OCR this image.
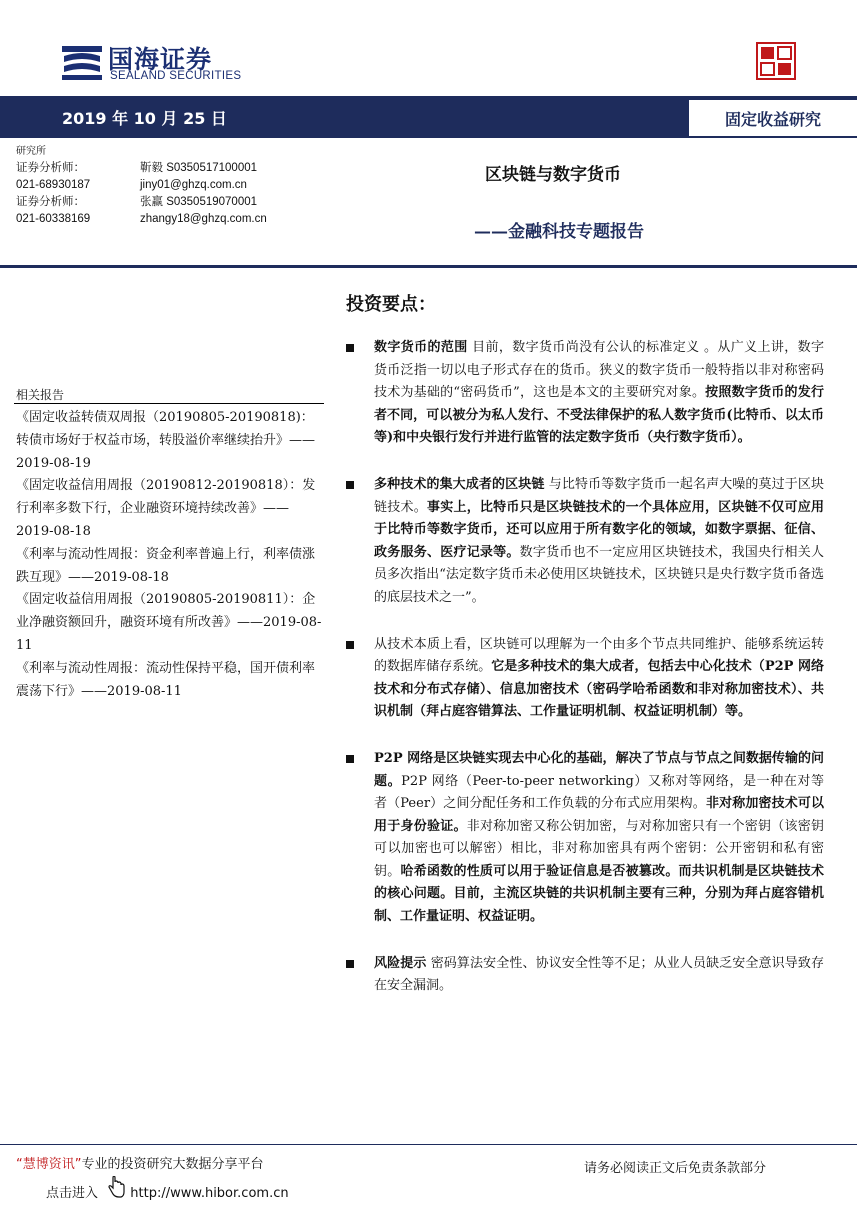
国海证券
SEALAND SECURITIES
2019 年 10 月 25 日	固定收益研究
研究所
证券分析师：	靳毅 S0350517100001
021-68930187	jiny01@ghzq.com.cn
证券分析师：	张赢 S0350519070001
021-60338169	zhangy18@ghzq.com.cn
区块链与数字货币
——金融科技专题报告
相关报告

《固定收益转债双周报（20190805-20190818)：转债市场好于权益市场，转股溢价率继续抬升》——2019-08-19

《固定收益信用周报（20190812-20190818）：发行利率多数下行，企业融资环境持续改善》——2019-08-18

《利率与流动性周报：资金利率普遍上行，利率债涨跌互现》——2019-08-18

《固定收益信用周报（20190805-20190811）：企业净融资额回升，融资环境有所改善》——2019-08-11

《利率与流动性周报：流动性保持平稳，国开债利率震荡下行》——2019-08-11

投资要点：
数字货币的范围 目前，数字货币尚没有公认的标准定义 。从广义上讲，数字货币泛指一切以电子形式存在的货币。狭义的数字货币一般特指以非对称密码技术为基础的“密码货币”，这也是本文的主要研究对象。按照数字货币的发行者不同，可以被分为私人发行、不受法律保护的私人数字货币(比特币、以太币等)和中央银行发行并进行监管的法定数字货币（央行数字货币）。
多种技术的集大成者的区块链 与比特币等数字货币一起名声大噪的莫过于区块链技术。事实上，比特币只是区块链技术的一个具体应用，区块链不仅可应用于比特币等数字货币，还可以应用于所有数字化的领域，如数字票据、征信、政务服务、医疗记录等。数字货币也不一定应用区块链技术，我国央行相关人员多次指出“法定数字货币未必使用区块链技术，区块链只是央行数字货币备选的底层技术之一”。
从技术本质上看，区块链可以理解为一个由多个节点共同维护、能够系统运转的数据库储存系统。它是多种技术的集大成者，包括去中心化技术（P2P 网络技术和分布式存储）、信息加密技术（密码学哈希函数和非对称加密技术）、共识机制（拜占庭容错算法、工作量证明机制、权益证明机制）等。
P2P 网络是区块链实现去中心化的基础，解决了节点与节点之间数据传输的问题。P2P 网络（Peer-to-peer networking）又称对等网络，是一种在对等者（Peer）之间分配任务和工作负载的分布式应用架构。非对称加密技术可以用于身份验证。非对称加密又称公钥加密，与对称加密只有一个密钥（该密钥可以加密也可以解密）相比，非对称加密具有两个密钥：公开密钥和私有密钥。哈希函数的性质可以用于验证信息是否被篡改。而共识机制是区块链技术的核心问题。目前，主流区块链的共识机制主要有三种，分别为拜占庭容错机制、工作量证明、权益证明。
风险提示 密码算法安全性、协议安全性等不足；从业人员缺乏安全意识导致存在安全漏洞。
“慧博资讯”专业的投资研究大数据分享平台
点击进入 http://www.hibor.com.cn
请务必阅读正文后免责条款部分
